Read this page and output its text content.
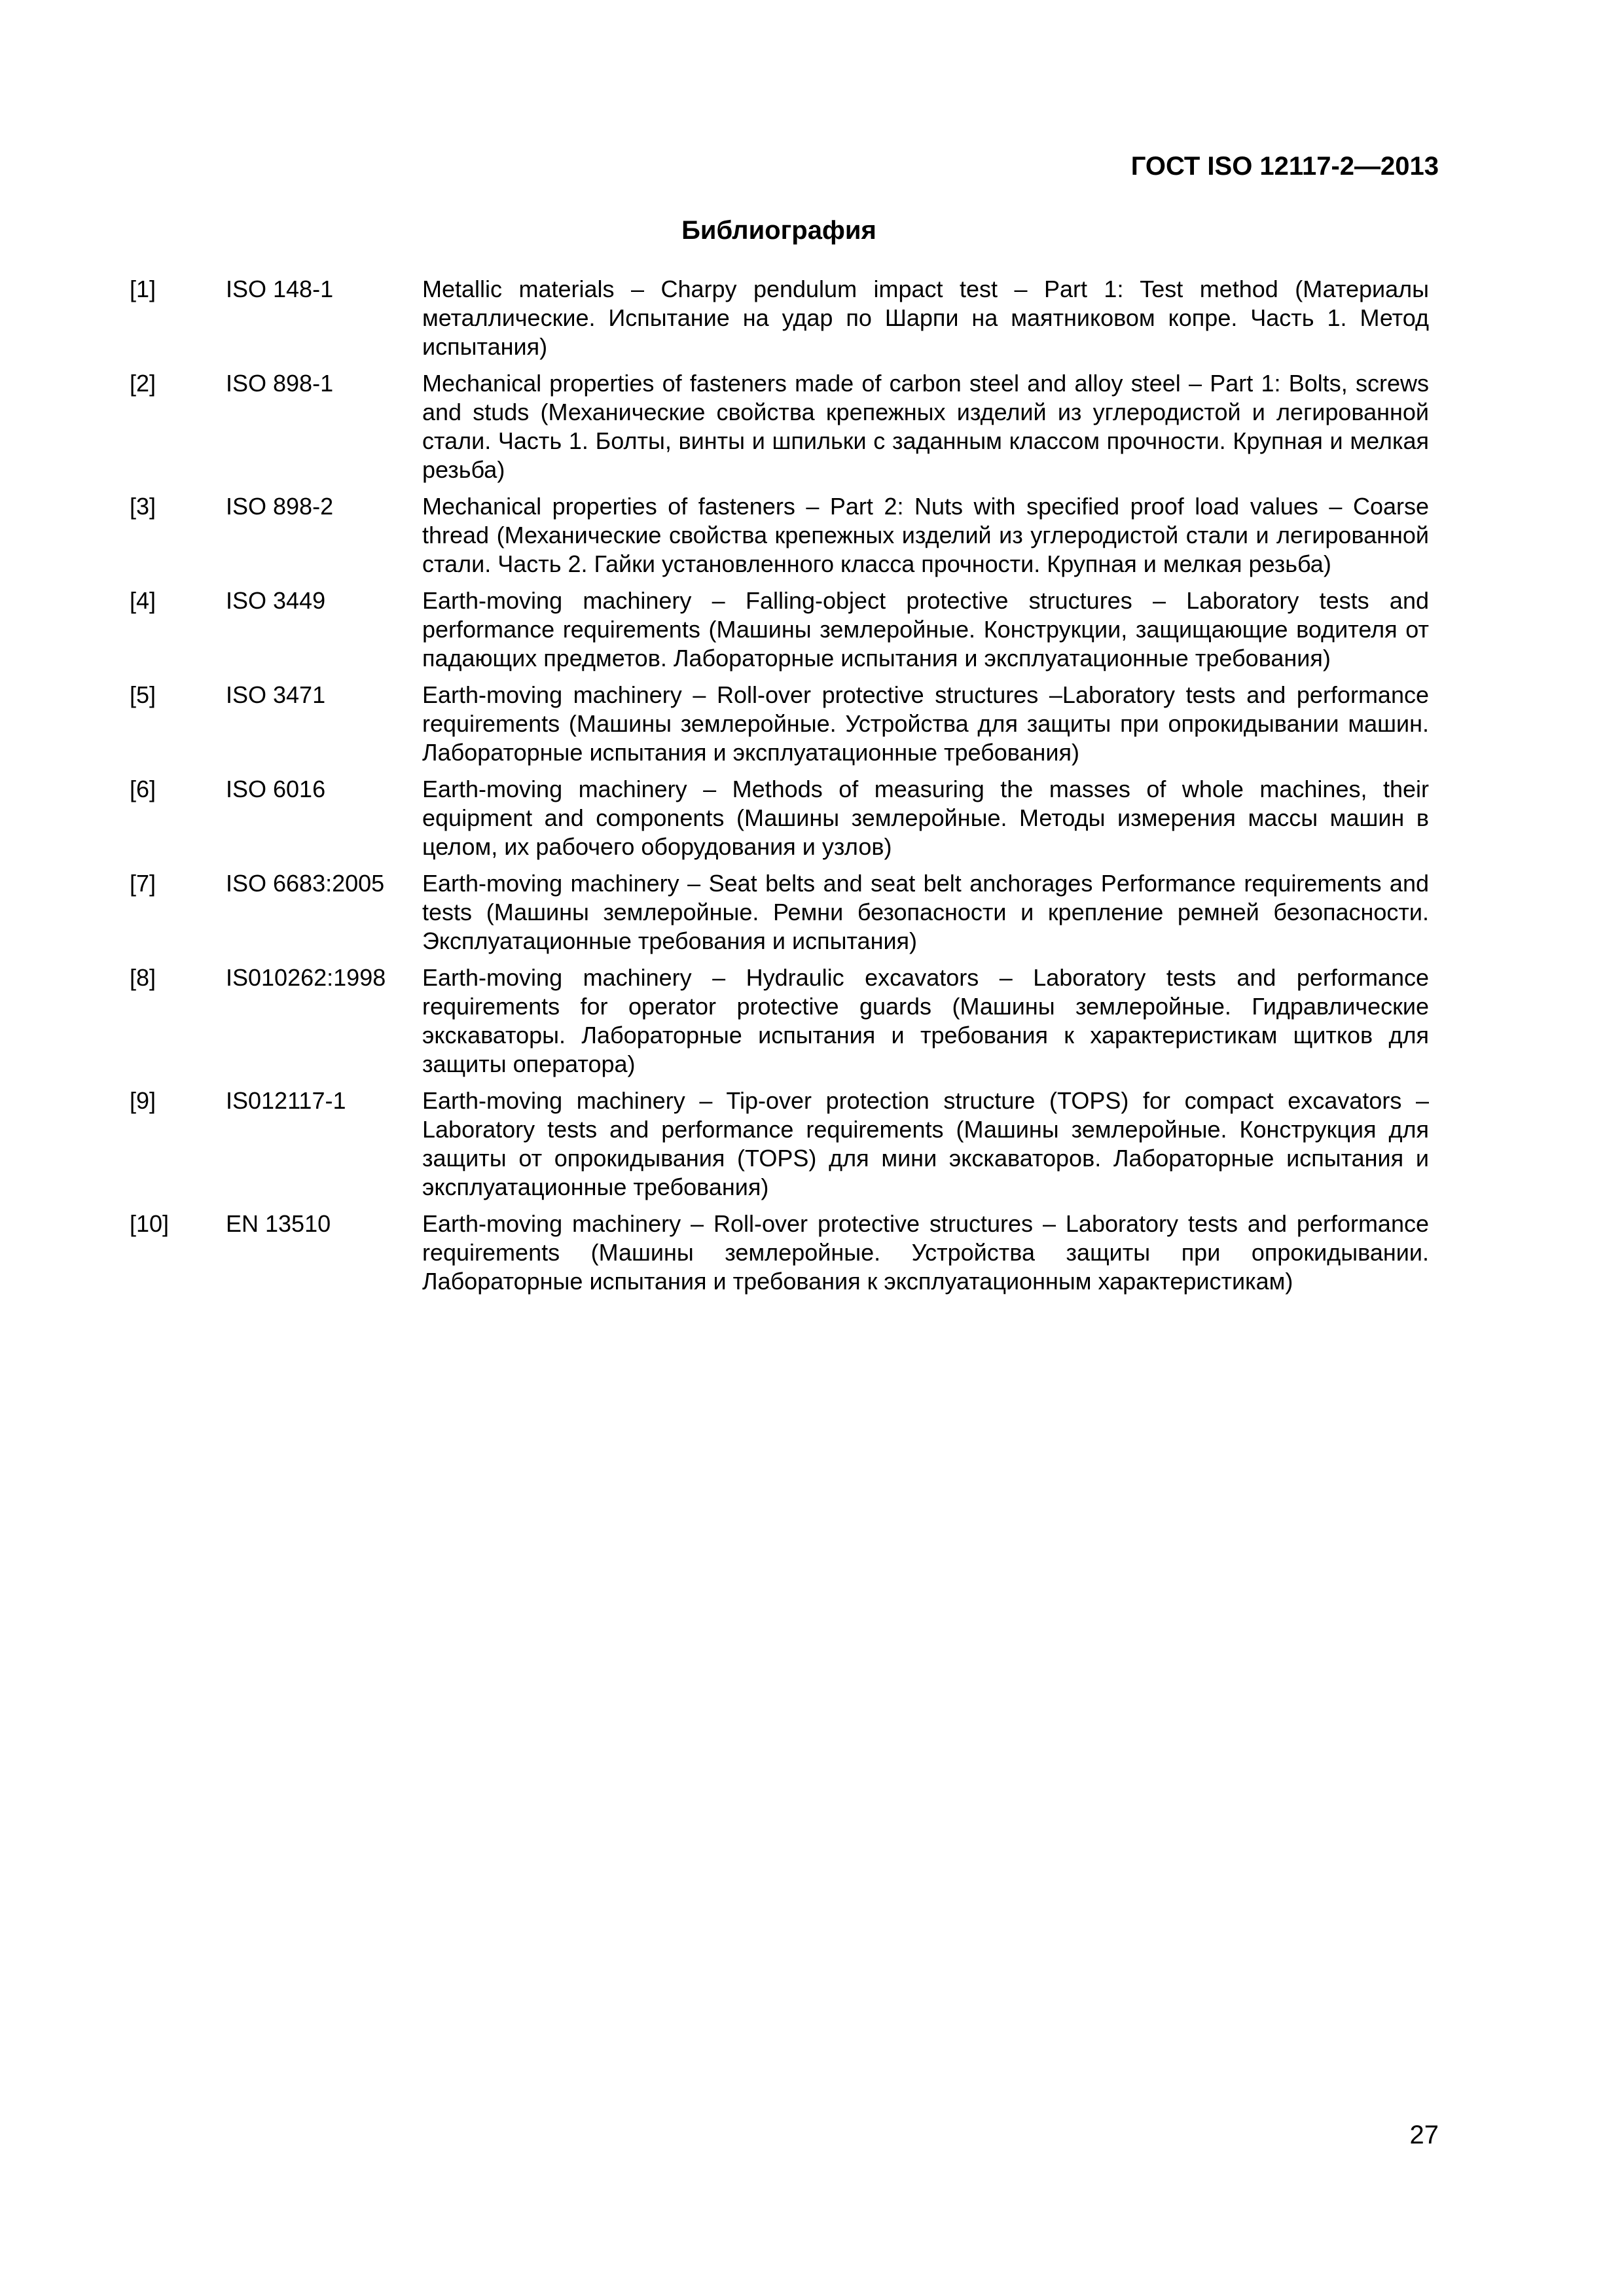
ГОСТ ISO 12117-2—2013
Библиография
[1]	ISO 148-1	Metallic materials – Charpy pendulum impact test – Part 1: Test method (Материалы металлические. Испытание на удар по Шарпи на маятниковом копре. Часть 1. Метод испытания)
[2]	ISO 898-1	Mechanical properties of fasteners made of carbon steel and alloy steel – Part 1: Bolts, screws and studs (Механические свойства крепежных изделий из углеродистой и легированной стали. Часть 1. Болты, винты и шпильки с заданным классом прочности. Крупная и мелкая резьба)
[3]	ISO 898-2	Mechanical properties of fasteners – Part 2: Nuts with specified proof load values – Coarse thread (Механические свойства крепежных изделий из углеродистой стали и легированной стали. Часть 2. Гайки установленного класса прочности. Крупная и мелкая резьба)
[4]	ISO 3449	Earth-moving machinery – Falling-object protective structures – Laboratory tests and performance requirements (Машины землеройные. Конструкции, защищающие водителя от падающих предметов. Лабораторные испытания и эксплуатационные требования)
[5]	ISO 3471	Earth-moving machinery – Roll-over protective structures –Laboratory tests and performance requirements (Машины землеройные. Устройства для защиты при опрокидывании машин. Лабораторные испытания и эксплуатационные требования)
[6]	ISO 6016	Earth-moving machinery – Methods of measuring the masses of whole machines, their equipment and components (Машины землеройные. Методы измерения массы машин в целом, их рабочего оборудования и узлов)
[7]	ISO 6683:2005	Earth-moving machinery – Seat belts and seat belt anchorages Performance requirements and tests (Машины землеройные. Ремни безопасности и крепление ремней безопасности. Эксплуатационные требования и испытания)
[8]	IS010262:1998	Earth-moving machinery – Hydraulic excavators – Laboratory tests and performance requirements for operator protective guards (Машины землеройные. Гидравлические экскаваторы. Лабораторные испытания и требования к характеристикам щитков для защиты оператора)
[9]	IS012117-1	Earth-moving machinery – Tip-over protection structure (TOPS) for compact excavators – Laboratory tests and performance requirements (Машины землеройные. Конструкция для защиты от опрокидывания (TOPS) для мини экскаваторов. Лабораторные испытания и эксплуатационные требования)
[10]	EN 13510	Earth-moving machinery – Roll-over protective structures – Laboratory tests and performance requirements (Машины землеройные. Устройства защиты при опрокидывании. Лабораторные испытания и требования к эксплуатационным характеристикам)
27
